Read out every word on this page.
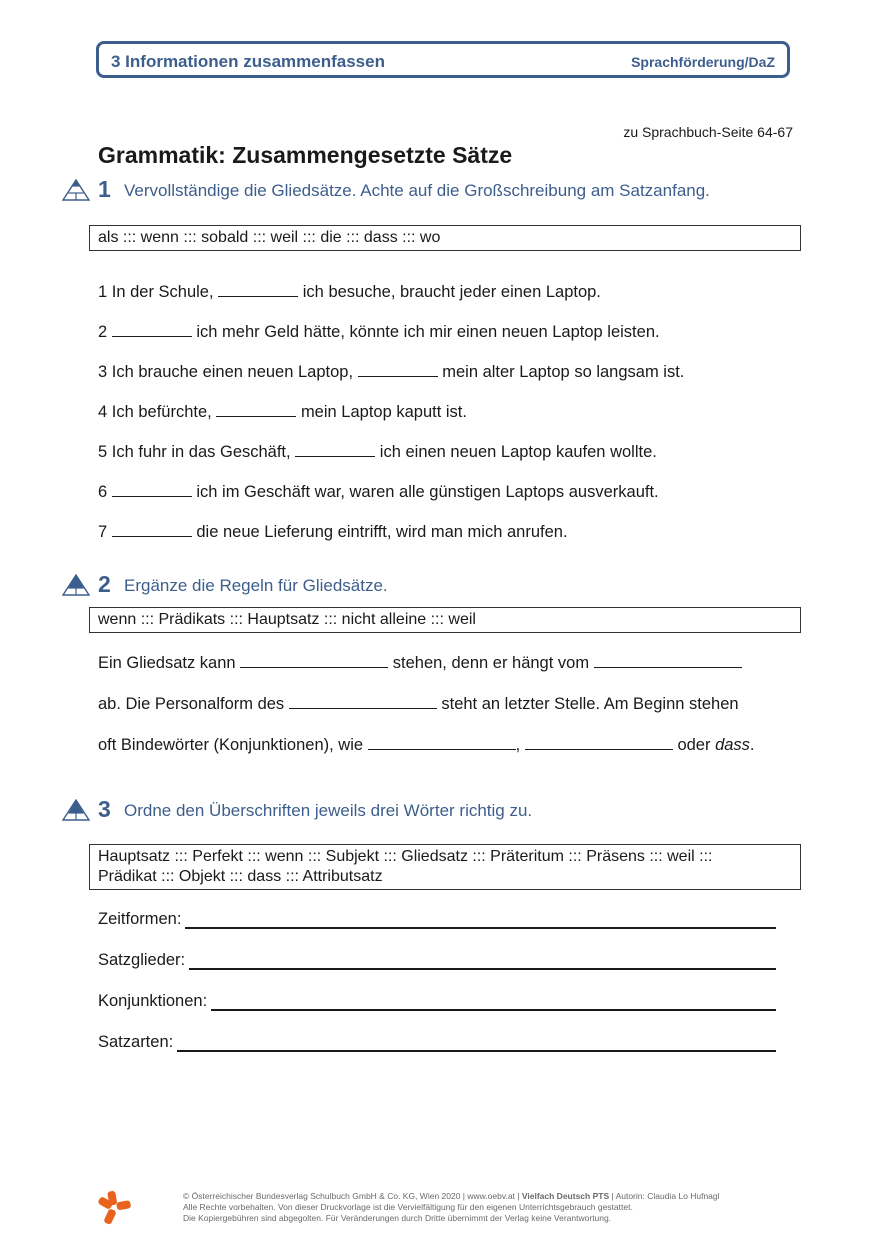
3 Informationen zusammenfassen	Sprachförderung/DaZ
zu Sprachbuch-Seite 64-67
Grammatik: Zusammengesetzte Sätze
1 Vervollständige die Gliedsätze. Achte auf die Großschreibung am Satzanfang.
als ::: wenn ::: sobald ::: weil ::: die ::: dass ::: wo
1 In der Schule,	ich besuche, braucht jeder einen Laptop.
2	ich mehr Geld hätte, könnte ich mir einen neuen Laptop leisten.
3 Ich brauche einen neuen Laptop,	mein alter Laptop so langsam ist.
4 Ich befürchte,	mein Laptop kaputt ist.
5 Ich fuhr in das Geschäft,	ich einen neuen Laptop kaufen wollte.
6	ich im Geschäft war, waren alle günstigen Laptops ausverkauft.
7	die neue Lieferung eintrifft, wird man mich anrufen.
2 Ergänze die Regeln für Gliedsätze.
wenn ::: Prädikats ::: Hauptsatz ::: nicht alleine ::: weil
Ein Gliedsatz kann	stehen, denn er hängt vom
ab. Die Personalform des	steht an letzter Stelle. Am Beginn stehen
oft Bindewörter (Konjunktionen), wie	,	oder dass.
3 Ordne den Überschriften jeweils drei Wörter richtig zu.
Hauptsatz ::: Perfekt ::: wenn ::: Subjekt ::: Gliedsatz ::: Präteritum ::: Präsens ::: weil :::
Prädikat ::: Objekt ::: dass ::: Attributsatz
Zeitformen:
Satzglieder:
Konjunktionen:
Satzarten:
© Österreichischer Bundesverlag Schulbuch GmbH & Co. KG, Wien 2020 | www.oebv.at | Vielfach Deutsch PTS | Autorin: Claudia Lo Hufnagl
Alle Rechte vorbehalten. Von dieser Druckvorlage ist die Vervielfältigung für den eigenen Unterrichtsgebrauch gestattet.
Die Kopiergebühren sind abgegolten. Für Veränderungen durch Dritte übernimmt der Verlag keine Verantwortung.
